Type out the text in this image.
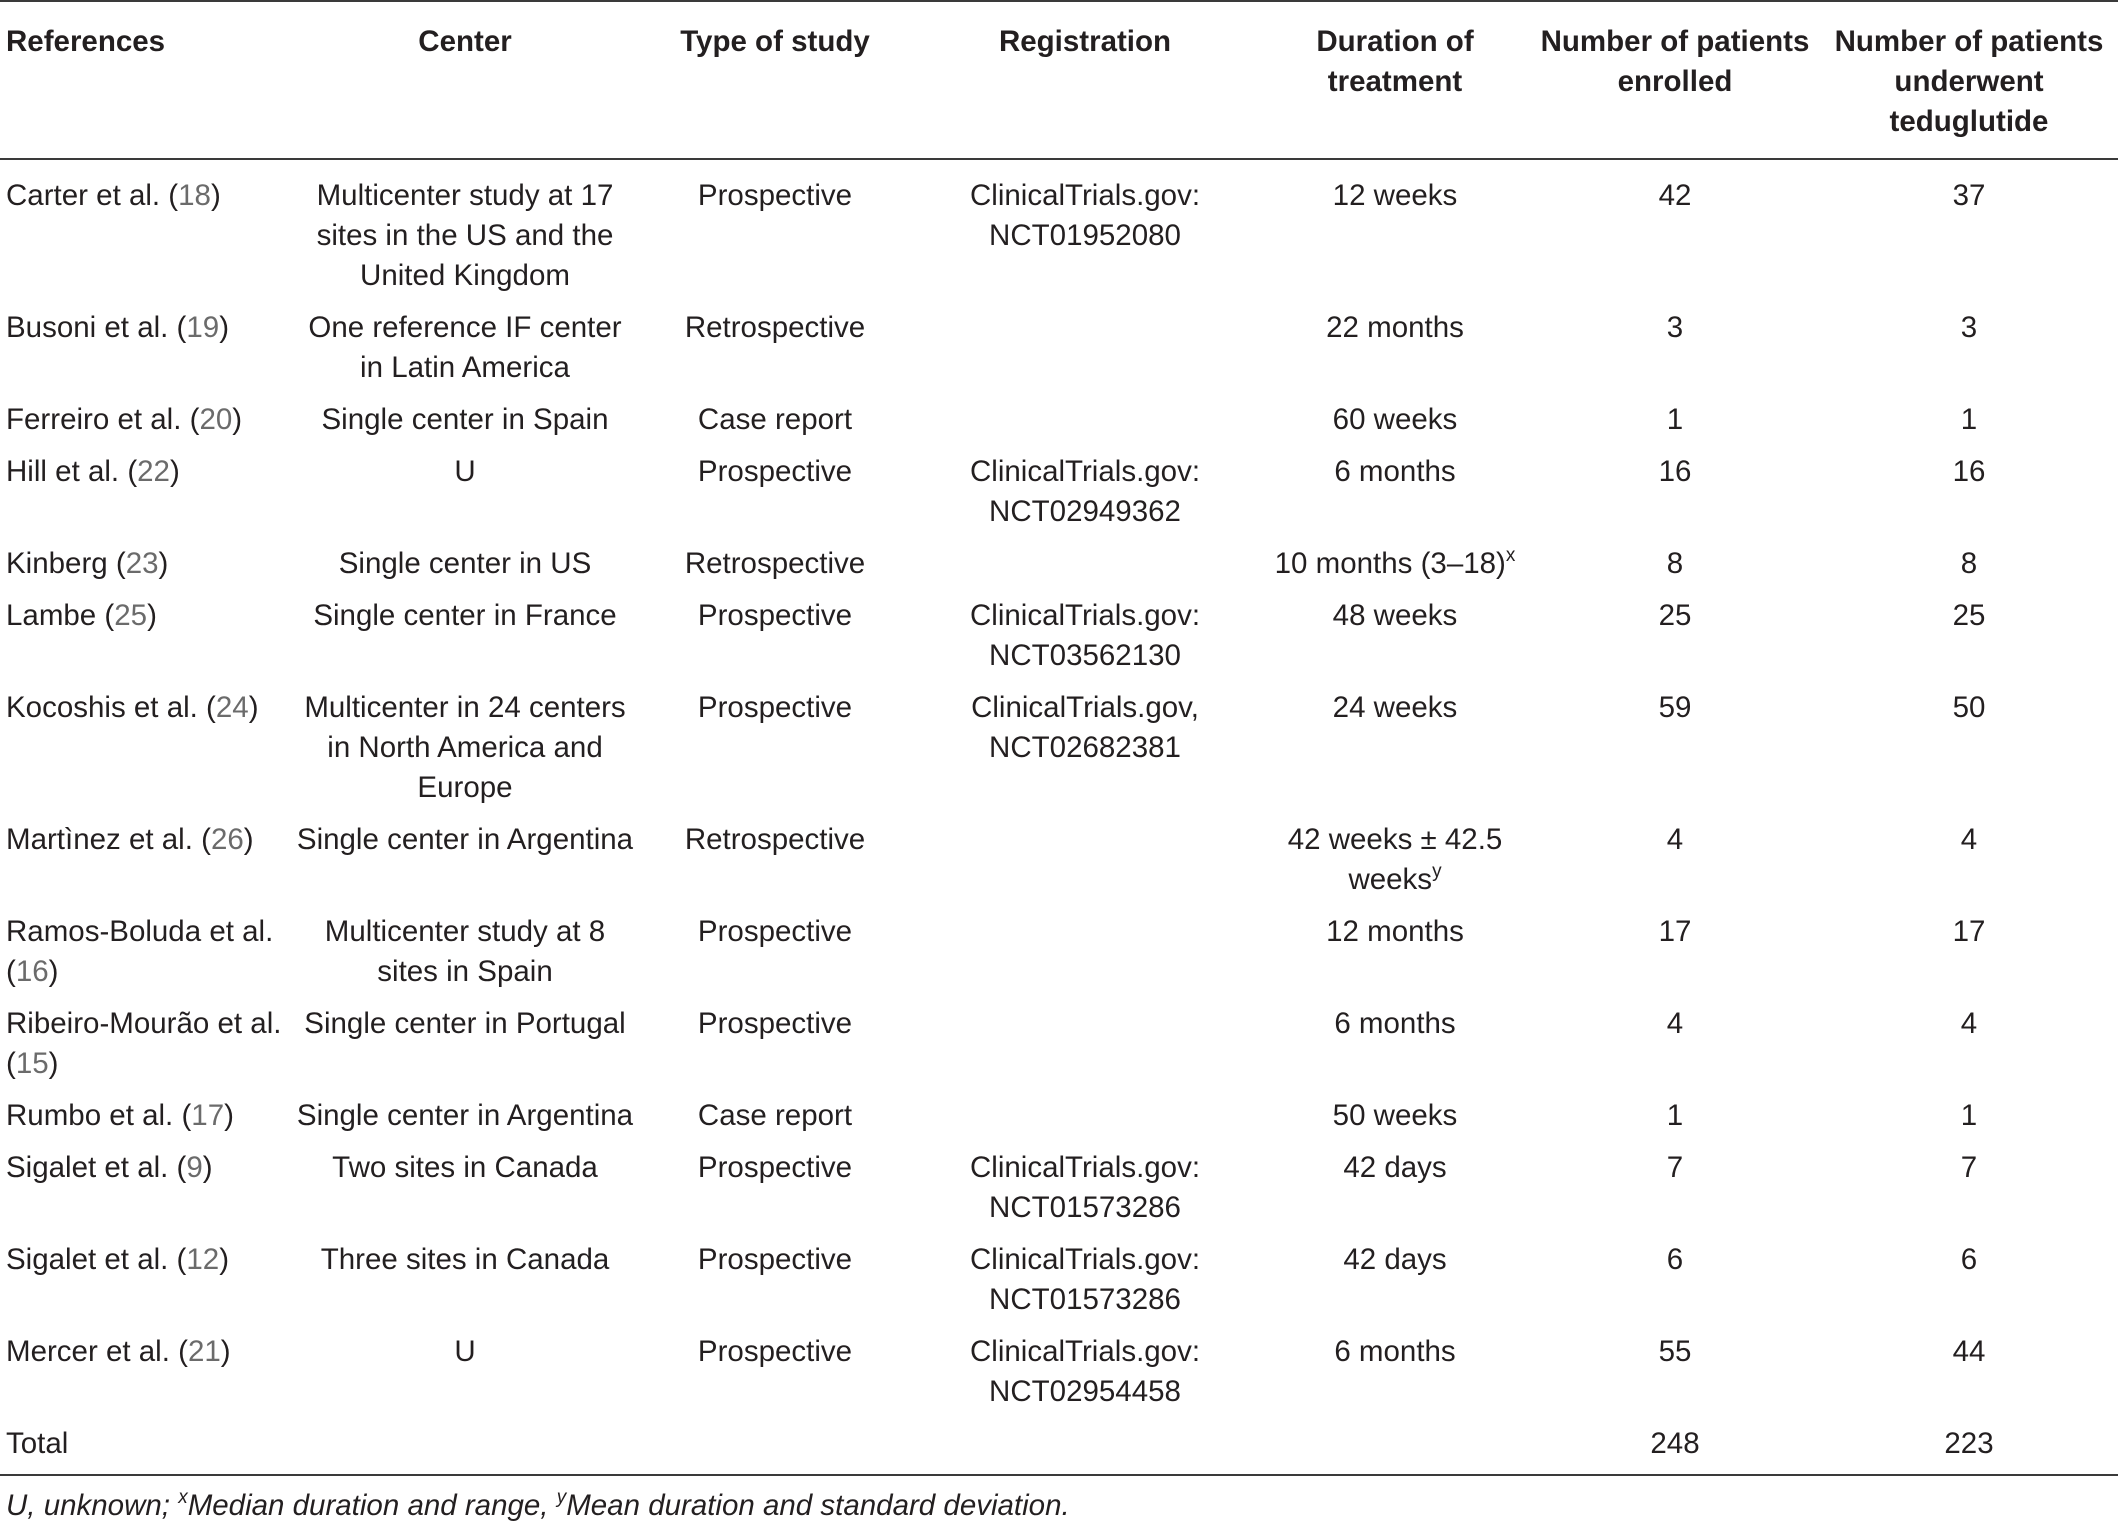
References	Center	Type of study	Registration	Duration of treatment	Number of patients enrolled	Number of patients underwent teduglutide
Carter et al. (18)	Multicenter study at 17 sites in the US and the United Kingdom	Prospective	ClinicalTrials.gov: NCT01952080	12 weeks	42	37
Busoni et al. (19)	One reference IF center in Latin America	Retrospective		22 months	3	3
Ferreiro et al. (20)	Single center in Spain	Case report		60 weeks	1	1
Hill et al. (22)	U	Prospective	ClinicalTrials.gov: NCT02949362	6 months	16	16
Kinberg (23)	Single center in US	Retrospective		10 months $(3-18)^x$	8	8
Lambe (25)	Single center in France	Prospective	ClinicalTrials.gov: NCT03562130	48 weeks	25	25
Kocoshis et al. (24)	Multicenter in 24 centers in North America and Europe	Prospective	ClinicalTrials.gov, NCT02682381	24 weeks	59	50
Martìnez et al. (26)	Single center in Argentina	Retrospective		42 weeks ± 42.5 weeks$^y$	4	4
Ramos-Boluda et al. (16)	Multicenter study at 8 sites in Spain	Prospective		12 months	17	17
Ribeiro-Mourão et al. (15)	Single center in Portugal	Prospective		6 months	4	4
Rumbo et al. (17)	Single center in Argentina	Case report		50 weeks	1	1
Sigalet et al. (9)	Two sites in Canada	Prospective	ClinicalTrials.gov: NCT01573286	42 days	7	7
Sigalet et al. (12)	Three sites in Canada	Prospective	ClinicalTrials.gov: NCT01573286	42 days	6	6
Mercer et al. (21)	U	Prospective	ClinicalTrials.gov: NCT02954458	6 months	55	44
Total					248	223
U, unknown; $^x$Median duration and range, $^y$Mean duration and standard deviation.
